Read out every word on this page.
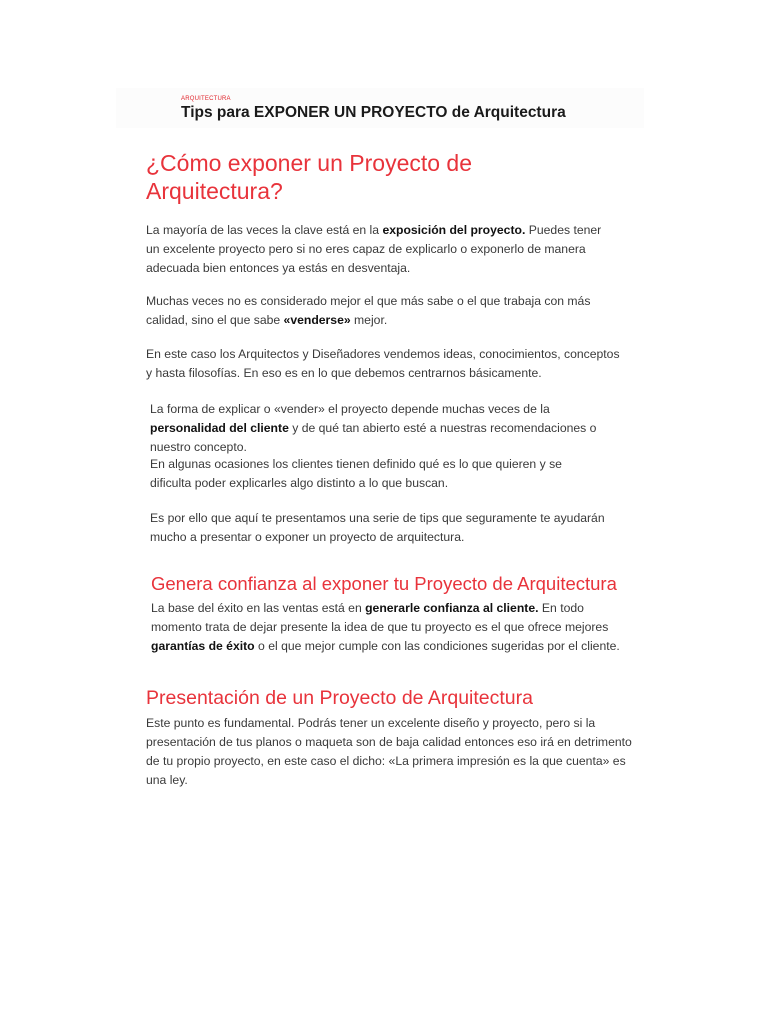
ARQUITECTURA
Tips para EXPONER UN PROYECTO de Arquitectura
¿Cómo exponer un Proyecto de Arquitectura?

La mayoría de las veces la clave está en la exposición del proyecto. Puedes tener un excelente proyecto pero si no eres capaz de explicarlo o exponerlo de manera adecuada bien entonces ya estás en desventaja.

Muchas veces no es considerado mejor el que más sabe o el que trabaja con más calidad, sino el que sabe «venderse» mejor.

En este caso los Arquitectos y Diseñadores vendemos ideas, conocimientos, conceptos y hasta filosofías. En eso es en lo que debemos centrarnos básicamente.

La forma de explicar o «vender» el proyecto depende muchas veces de la personalidad del cliente y de qué tan abierto esté a nuestras recomendaciones o nuestro concepto.

En algunas ocasiones los clientes tienen definido qué es lo que quieren y se dificulta poder explicarles algo distinto a lo que buscan.

Es por ello que aquí te presentamos una serie de tips que seguramente te ayudarán mucho a presentar o exponer un proyecto de arquitectura.

Genera confianza al exponer tu Proyecto de Arquitectura

La base del éxito en las ventas está en generarle confianza al cliente. En todo momento trata de dejar presente la idea de que tu proyecto es el que ofrece mejores garantías de éxito o el que mejor cumple con las condiciones sugeridas por el cliente.

Presentación de un Proyecto de Arquitectura

Este punto es fundamental. Podrás tener un excelente diseño y proyecto, pero si la presentación de tus planos o maqueta son de baja calidad entonces eso irá en detrimento de tu propio proyecto, en este caso el dicho: «La primera impresión es la que cuenta» es una ley.
